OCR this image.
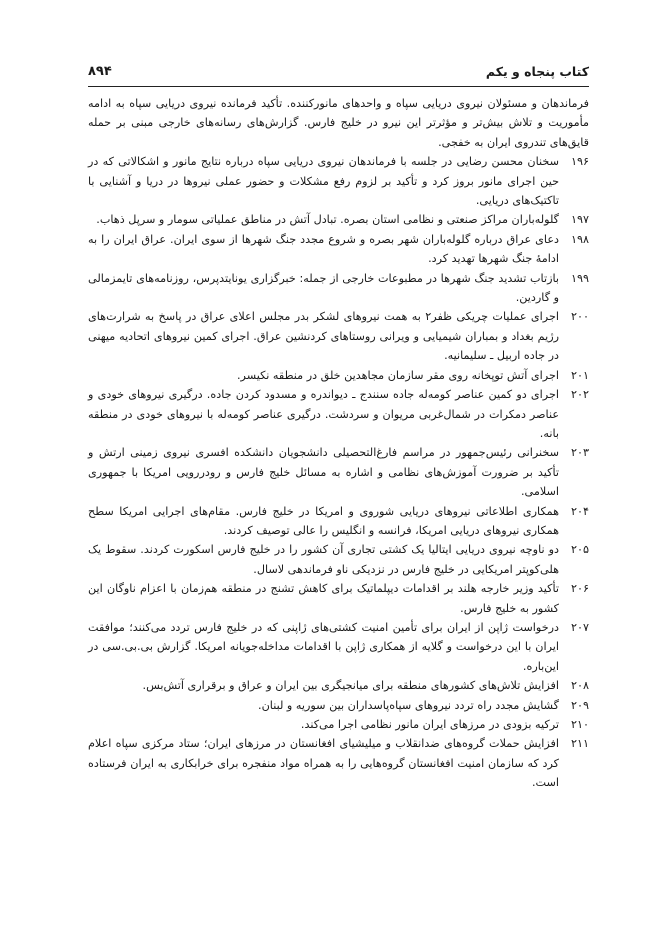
کتاب پنجاه و یکم
۸۹۴

فرماندهان و مسئولان نیروی دریایی سپاه و واحدهای مانورکننده. تأکید فرمانده نیروی دریایی سپاه به ادامه مأموریت و تلاش بیش‌تر و مؤثرتر این نیرو در خلیج فارس. گزارش‌های رسانه‌های خارجی مبنی بر حمله قایق‌های تندروی ایران به خفجی.

۱۹۶
سخنان محسن رضایی در جلسه با فرماندهان نیروی دریایی سپاه درباره نتایج مانور و اشکالاتی که در حین اجرای مانور بروز کرد و تأکید بر لزوم رفع مشکلات و حضور عملی نیروها در دریا و آشنایی با تاکتیک‌های دریایی.
۱۹۷
گلوله‌باران مراکز صنعتی و نظامی استان بصره. تبادل آتش در مناطق عملیاتی سومار و سرپل ذهاب.
۱۹۸
دعای عراق درباره گلوله‌باران شهر بصره و شروع مجدد جنگ شهرها از سوی ایران. عراق ایران را به ادامهٔ جنگ شهرها تهدید کرد.
۱۹۹
بازتاب تشدید جنگ شهرها در مطبوعات خارجی از جمله: خبرگزاری یونایتدپرس، روزنامه‌های تایمزمالی و گاردین.
۲۰۰
اجرای عملیات چریکی ظفر۲ به همت نیروهای لشکر بدر مجلس اعلای عراق در پاسخ به شرارت‌های رژیم بغداد و بمباران شیمیایی و ویرانی روستاهای کردنشین عراق. اجرای کمین نیروهای اتحادیه میهنی در جاده اربیل ـ سلیمانیه.
۲۰۱
اجرای آتش توپخانه روی مقر سازمان مجاهدین خلق در منطقه نکیسر.
۲۰۲
اجرای دو کمین عناصر کومه‌له جاده سنندج ـ دیواندره و مسدود کردن جاده. درگیری نیروهای خودی و عناصر دمکرات در شمال‌غربی مریوان و سردشت. درگیری عناصر کومه‌له با نیروهای خودی در منطقه بانه.
۲۰۳
سخنرانی رئیس‌جمهور در مراسم فارغ‌التحصیلی دانشجویان دانشکده افسری نیروی زمینی ارتش و تأکید بر ضرورت آموزش‌های نظامی و اشاره به مسائل خلیج فارس و رودررویی امریکا با جمهوری اسلامی.
۲۰۴
همکاری اطلاعاتی نیروهای دریایی شوروی و امریکا در خلیج فارس. مقام‌های اجرایی امریکا سطح همکاری نیروهای دریایی امریکا، فرانسه و انگلیس را عالی توصیف کردند.
۲۰۵
دو ناوچه نیروی دریایی ایتالیا یک کشتی تجاری آن کشور را در خلیج فارس اسکورت کردند. سقوط یک هلی‌کوپتر امریکایی در خلیج فارس در نزدیکی ناو فرماندهی لاسال.
۲۰۶
تأکید وزیر خارجه هلند بر اقدامات دیپلماتیک برای کاهش تشنج در منطقه هم‌زمان با اعزام ناوگان این کشور به خلیج فارس.
۲۰۷
درخواست ژاپن از ایران برای تأمین امنیت کشتی‌های ژاپنی که در خلیج فارس تردد می‌کنند؛ موافقت ایران با این درخواست و گلایه از همکاری ژاپن با اقدامات مداخله‌جویانه امریکا. گزارش بی.بی.سی در این‌باره.
۲۰۸
افزایش تلاش‌های کشورهای منطقه برای میانجیگری بین ایران و عراق و برقراری آتش‌بس.
۲۰۹
گشایش مجدد راه تردد نیروهای سپاه‌پاسداران بین سوریه و لبنان.
۲۱۰
ترکیه بزودی در مرزهای ایران مانور نظامی اجرا می‌کند.
۲۱۱
افزایش حملات گروه‌های ضدانقلاب و میلیشیای افغانستان در مرزهای ایران؛ ستاد مرکزی سپاه اعلام کرد که سازمان امنیت افغانستان گروه‌هایی را به همراه مواد منفجره برای خرابکاری به ایران فرستاده است.
